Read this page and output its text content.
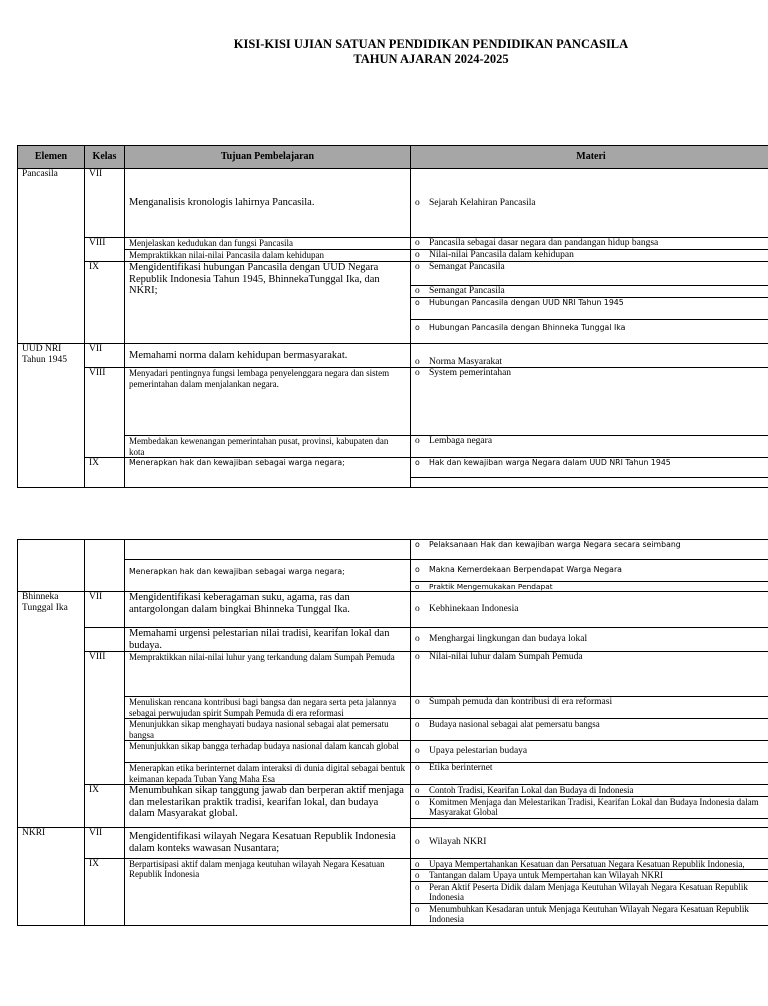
KISI-KISI UJIAN SATUAN PENDIDIKAN PENDIDIKAN PANCASILA
TAHUN AJARAN 2024-2025
Elemen	Kelas	Tujuan Pembelajaran	Materi
Pancasila	VII	Menganalisis kronologis lahirnya Pancasila.	o Sejarah Kelahiran Pancasila
	VIII	Menjelaskan kedudukan dan fungsi Pancasila	o Pancasila sebagai dasar negara dan pandangan hidup bangsa
		Mempraktikkan nilai-nilai Pancasila dalam kehidupan	o Nilai-nilai Pancasila dalam kehidupan
	IX	Mengidentifikasi hubungan Pancasila dengan UUD Negara Republik Indonesia Tahun 1945, BhinnekaTunggal Ika, dan NKRI;	o Semangat Pancasila
			o Semangat Pancasila

			o Hubungan Pancasila dengan UUD NRI Tahun 1945
o Hubungan Pancasila dengan Bhinneka Tunggal Ika

UUD NRI Tahun 1945	VII	Memahami norma dalam kehidupan bermasyarakat.	o Norma Masyarakat
	VIII	Menyadari pentingnya fungsi lembaga penyelenggara negara dan sistem pemerintahan dalam menjalankan negara.	o System pemerintahan
		Membedakan kewenangan pemerintahan pusat, provinsi, kabupaten dan kota	o Lembaga negara
	IX	Menerapkan hak dan kewajiban sebagai warga negara;	o Hak dan kewajiban warga Negara dalam UUD NRI Tahun 1945

			o Pelaksanaan Hak dan kewajiban warga Negara secara seimbang
		Menerapkan hak dan kewajiban sebagai warga negara;	o Makna Kemerdekaan Berpendapat Warga Negara
			o Praktik Mengemukakan Pendapat
Bhinneka Tunggal Ika	VII	Mengidentifikasi keberagaman suku, agama, ras dan antargolongan dalam bingkai Bhinneka Tunggal Ika.	o Kebhinekaan Indonesia
		Memahami urgensi pelestarian nilai tradisi, kearifan lokal dan budaya.	o Menghargai lingkungan dan budaya lokal
	VIII	Mempraktikkan nilai-nilai luhur yang terkandung dalam Sumpah Pemuda	o Nilai-nilai luhur dalam Sumpah Pemuda
		Menuliskan rencana kontribusi bagi bangsa dan negara serta peta jalannya sebagai perwujudan spirit Sumpah Pemuda di era reformasi	o Sumpah pemuda dan kontribusi di era reformasi
		Menunjukkan sikap menghayati budaya nasional sebagai alat pemersatu bangsa	o Budaya nasional sebagai alat pemersatu bangsa
		Menunjukkan sikap bangga terhadap budaya nasional dalam kancah global	o Upaya pelestarian budaya
		Menerapkan etika berinternet dalam interaksi di dunia digital sebagai bentuk keimanan kepada Tuban Yang Maha Esa	o Etika berinternet
	IX	Menumbuhkan sikap tanggung jawab dan berperan aktif menjaga dan melestarikan praktik tradisi, kearifan lokal, dan budaya dalam Masyarakat global.	o Contoh Tradisi, Kearifan Lokal dan Budaya di Indonesia
			o Komitmen Menjaga dan Melestarikan Tradisi, Kearifan Lokal dan Budaya Indonesia dalam Masyarakat Global

NKRI	VII	Mengidentifikasi wilayah Negara Kesatuan Republik Indonesia dalam konteks wawasan Nusantara;	o Wilayah NKRI
	IX	Berpartisipasi aktif dalam menjaga keutuhan wilayah Negara Kesatuan Republik Indonesia	o Upaya Mempertahankan Kesatuan dan Persatuan Negara Kesatuan Republik Indonesia,
			o Tantangan dalam Upaya untuk Mempertahan kan Wilayah NKRI
			o Peran Aktif Peserta Didik dalam Menjaga Keutuhan Wilayah Negara Kesatuan Republik Indonesia
			o Menumbuhkan Kesadaran untuk Menjaga Keutuhan Wilayah Negara Kesatuan Republik Indonesia
